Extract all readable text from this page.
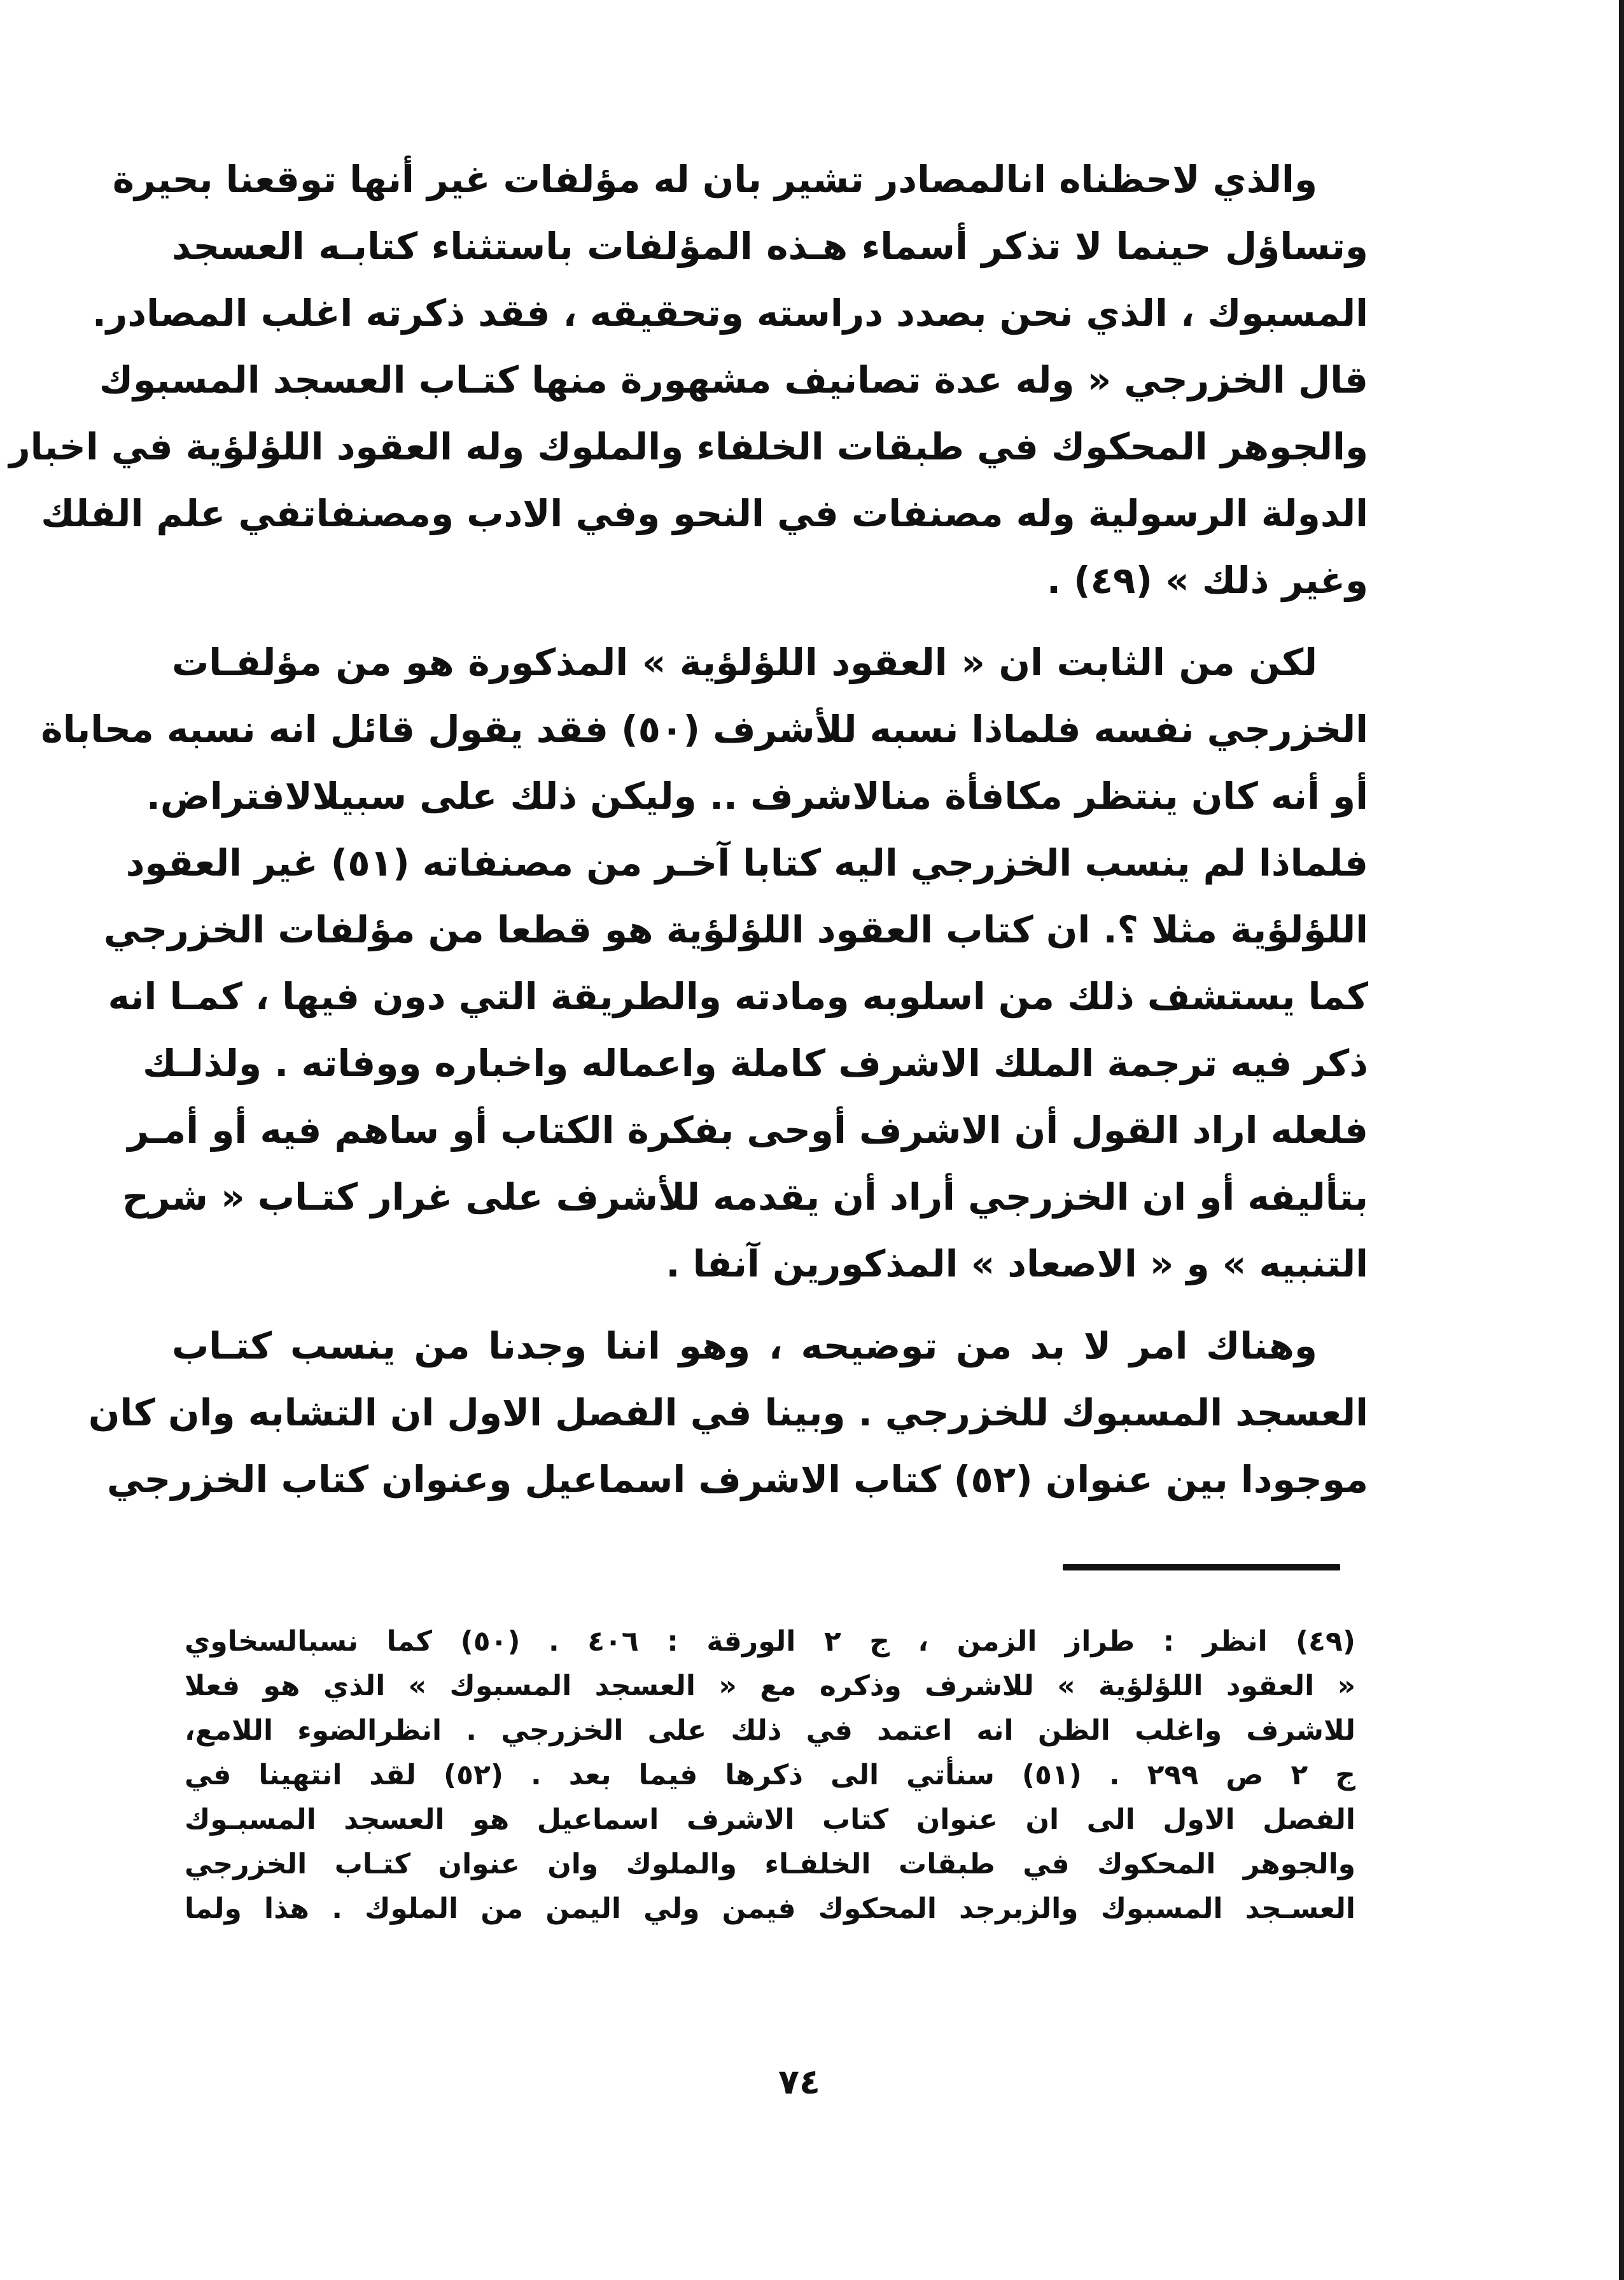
والذي لاحظناه انالمصادر تشير بان له مؤلفات غير أنها توقعنا بحيرة
وتساؤل حينما لا تذكر أسماء هـذه المؤلفات باستثناء كتابـه العسجد
المسبوك ، الذي نحن بصدد دراسته وتحقيقه ، فقد ذكرته اغلب المصادر.
قال الخزرجي « وله عدة تصانيف مشهورة منها كتـاب العسجد المسبوك
والجوهر المحكوك في طبقات الخلفاء والملوك وله العقود اللؤلؤية في اخبار
الدولة الرسولية وله مصنفات في النحو وفي الادب ومصنفاتفي علم الفلك
وغير ذلك » (٤٩) .
لكن من الثابت ان « العقود اللؤلؤية » المذكورة هو من مؤلفـات
الخزرجي نفسه فلماذا نسبه للأشرف (٥٠) فقد يقول قائل انه نسبه محاباة
أو أنه كان ينتظر مكافأة منالاشرف .. وليكن ذلك على سبيلالافتراض.
فلماذا لم ينسب الخزرجي اليه كتابا آخـر من مصنفاته (٥١) غير العقود
اللؤلؤية مثلا ؟. ان كتاب العقود اللؤلؤية هو قطعا من مؤلفات الخزرجي
كما يستشف ذلك من اسلوبه ومادته والطريقة التي دون فيها ، كمـا انه
ذكر فيه ترجمة الملك الاشرف كاملة واعماله واخباره ووفاته . ولذلـك
فلعله اراد القول أن الاشرف أوحى بفكرة الكتاب أو ساهم فيه أو أمـر
بتأليفه أو ان الخزرجي أراد أن يقدمه للأشرف على غرار كتـاب « شرح
التنبيه » و « الاصعاد » المذكورين آنفا .
وهناك امر لا بد من توضيحه ، وهو اننا وجدنا من ينسب كتـاب
العسجد المسبوك للخزرجي . وبينا في الفصل الاول ان التشابه وان كان
موجودا بين عنوان (٥٢) كتاب الاشرف اسماعيل وعنوان كتاب الخزرجي
(٤٩) انظر : طراز الزمن ، ج ٢ الورقة : ٤٠٦ . (٥٠) كما نسبالسخاوي
« العقود اللؤلؤية » للاشرف وذكره مع « العسجد المسبوك » الذي هو فعلا
للاشرف واغلب الظن انه اعتمد في ذلك على الخزرجي . انظرالضوء اللامع،
ج ٢ ص ٢٩٩ . (٥١) سنأتي الى ذكرها فيما بعد . (٥٢) لقد انتهينا في
الفصل الاول الى ان عنوان كتاب الاشرف اسماعيل هو العسجد المسبـوك
والجوهر المحكوك في طبقات الخلفـاء والملوك وان عنوان كتـاب الخزرجي
العسـجد المسبوك والزبرجد المحكوك فيمن ولي اليمن من الملوك . هذا ولما
٧٤
